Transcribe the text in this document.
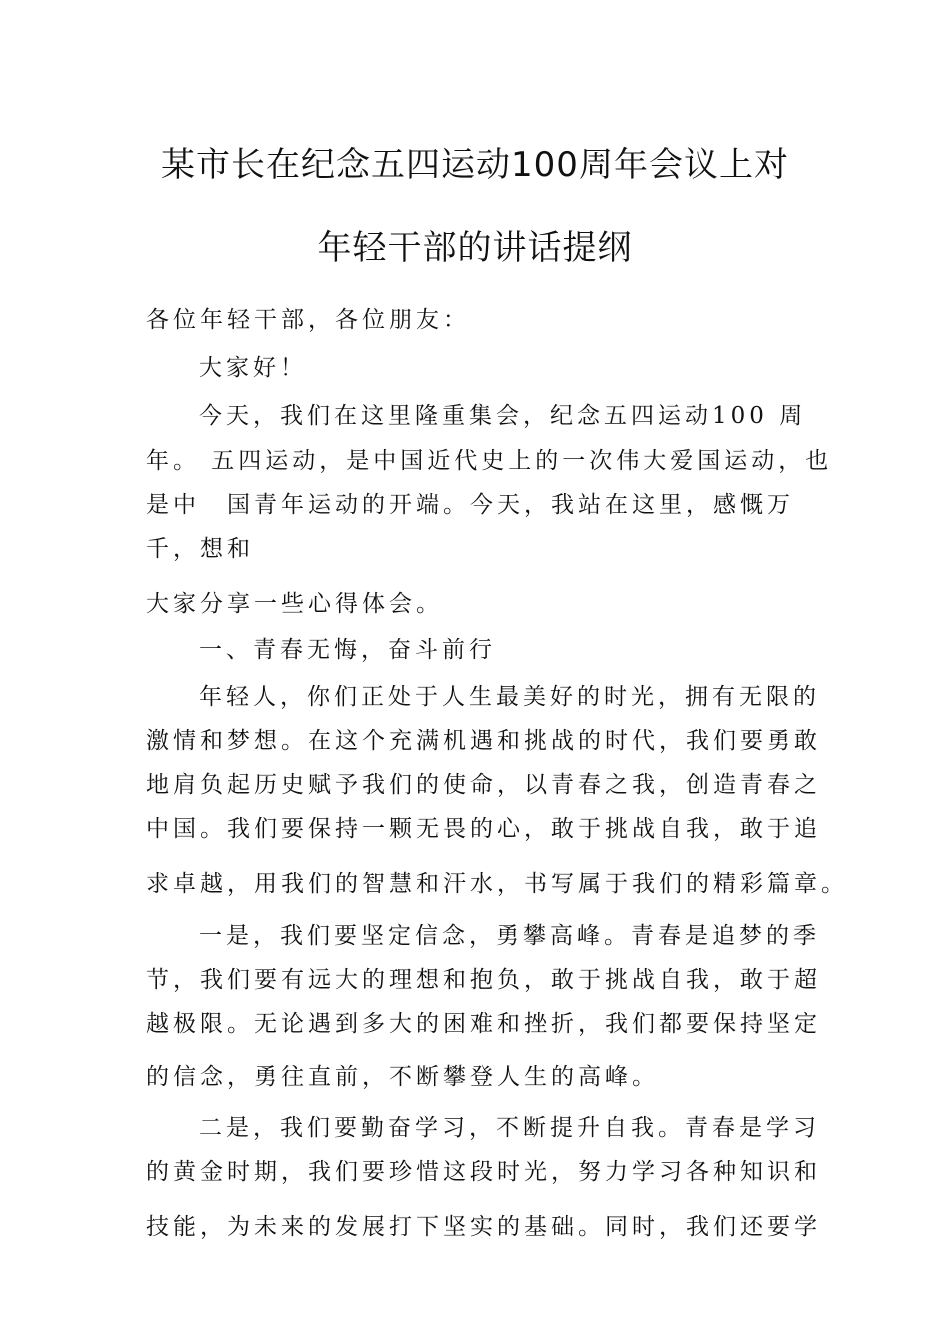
某市长在纪念五四运动100周年会议上对
年轻干部的讲话提纲
各位年轻干部，各位朋友：
大家好！
今天，我们在这里隆重集会，纪念五四运动100 周
年。 五四运动，是中国近代史上的一次伟大爱国运动，也
是中　国青年运动的开端。今天，我站在这里，感慨万
千，想和
大家分享一些心得体会。
一、青春无悔，奋斗前行
年轻人，你们正处于人生最美好的时光，拥有无限的
激情和梦想。在这个充满机遇和挑战的时代，我们要勇敢
地肩负起历史赋予我们的使命，以青春之我，创造青春之
中国。我们要保持一颗无畏的心，敢于挑战自我，敢于追
求卓越，用我们的智慧和汗水，书写属于我们的精彩篇章。
一是，我们要坚定信念，勇攀高峰。青春是追梦的季
节，我们要有远大的理想和抱负，敢于挑战自我，敢于超
越极限。无论遇到多大的困难和挫折，我们都要保持坚定
的信念，勇往直前，不断攀登人生的高峰。
二是，我们要勤奋学习，不断提升自我。青春是学习
的黄金时期，我们要珍惜这段时光，努力学习各种知识和
技能，为未来的发展打下坚实的基础。同时，我们还要学
